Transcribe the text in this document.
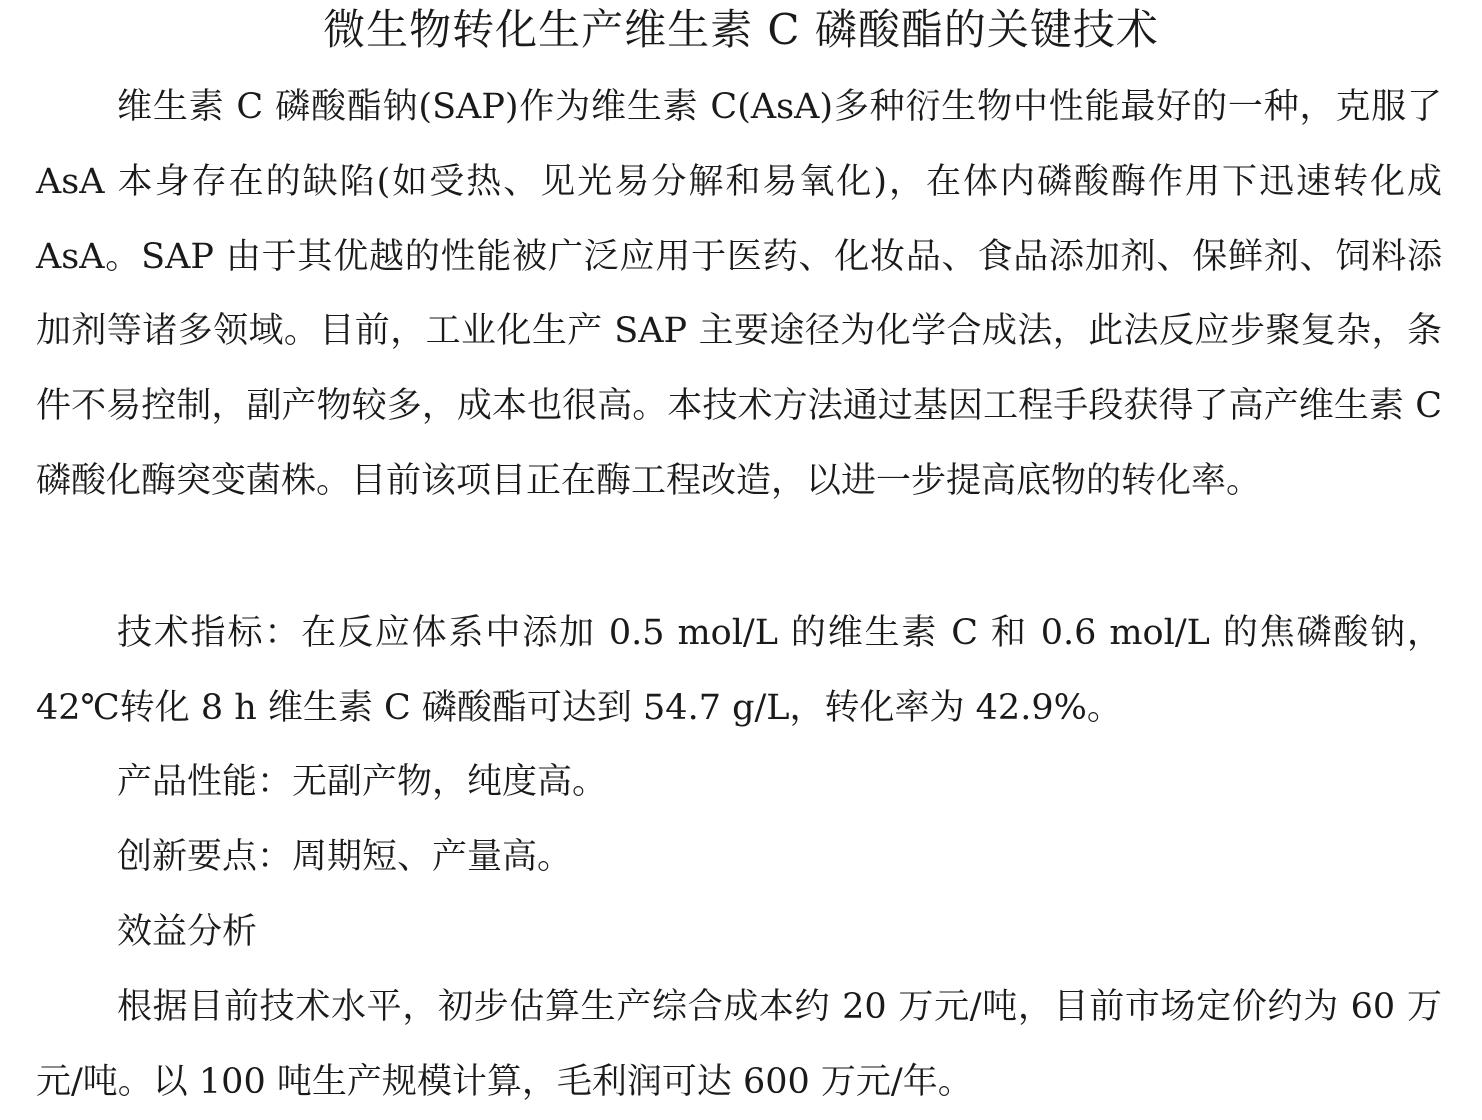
微生物转化生产维生素 C 磷酸酯的关键技术

维生素 C 磷酸酯钠(SAP)作为维生素 C(AsA)多种衍生物中性能最好的一种，克服了 AsA 本身存在的缺陷(如受热、见光易分解和易氧化)，在体内磷酸酶作用下迅速转化成 AsA。SAP 由于其优越的性能被广泛应用于医药、化妆品、食品添加剂、保鲜剂、饲料添加剂等诸多领域。目前，工业化生产 SAP 主要途径为化学合成法，此法反应步聚复杂，条件不易控制，副产物较多，成本也很高。本技术方法通过基因工程手段获得了高产维生素 C 磷酸化酶突变菌株。目前该项目正在酶工程改造，以进一步提高底物的转化率。

技术指标：在反应体系中添加 0.5 mol/L 的维生素 C 和 0.6 mol/L 的焦磷酸钠，42℃转化 8 h 维生素 C 磷酸酯可达到 54.7 g/L，转化率为 42.9%。

产品性能：无副产物，纯度高。

创新要点：周期短、产量高。

效益分析

根据目前技术水平，初步估算生产综合成本约 20 万元/吨，目前市场定价约为 60 万元/吨。以 100 吨生产规模计算，毛利润可达 600 万元/年。
